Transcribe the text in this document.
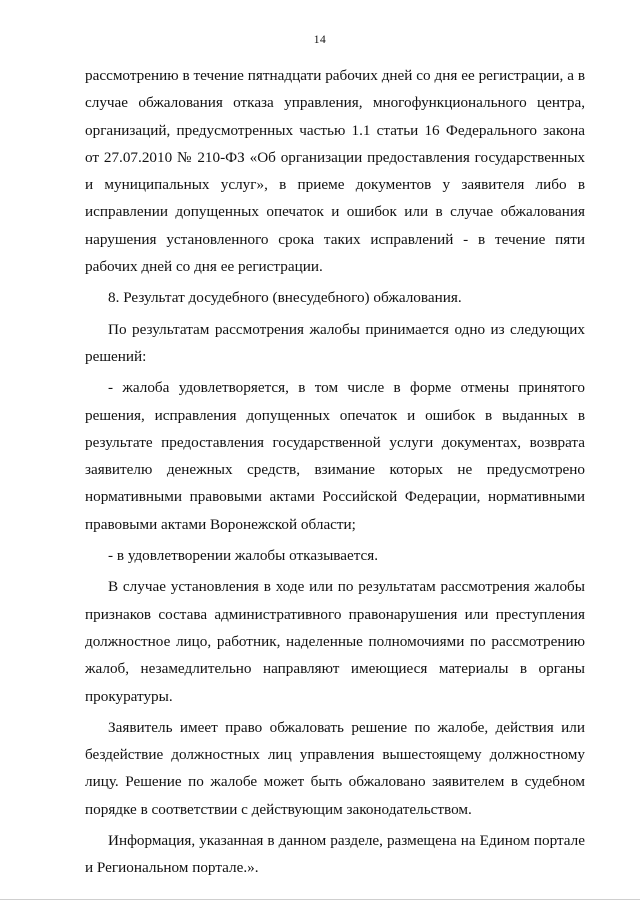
14

рассмотрению в течение пятнадцати рабочих дней со дня ее регистрации, а в случае обжалования отказа управления, многофункционального центра, организаций, предусмотренных частью 1.1 статьи 16 Федерального закона от 27.07.2010 № 210-ФЗ «Об организации предоставления государственных и муниципальных услуг», в приеме документов у заявителя либо в исправлении допущенных опечаток и ошибок или в случае обжалования нарушения установленного срока таких исправлений - в течение пяти рабочих дней со дня ее регистрации.

8. Результат досудебного (внесудебного) обжалования.

По результатам рассмотрения жалобы принимается одно из следующих решений:

- жалоба удовлетворяется, в том числе в форме отмены принятого решения, исправления допущенных опечаток и ошибок в выданных в результате предоставления государственной услуги документах, возврата заявителю денежных средств, взимание которых не предусмотрено нормативными правовыми актами Российской Федерации, нормативными правовыми актами Воронежской области;

- в удовлетворении жалобы отказывается.

В случае установления в ходе или по результатам рассмотрения жалобы признаков состава административного правонарушения или преступления должностное лицо, работник, наделенные полномочиями по рассмотрению жалоб, незамедлительно направляют имеющиеся материалы в органы прокуратуры.

Заявитель имеет право обжаловать решение по жалобе, действия или бездействие должностных лиц управления вышестоящему должностному лицу. Решение по жалобе может быть обжаловано заявителем в судебном порядке в соответствии с действующим законодательством.

Информация, указанная в данном разделе, размещена на Едином портале и Региональном портале.».
